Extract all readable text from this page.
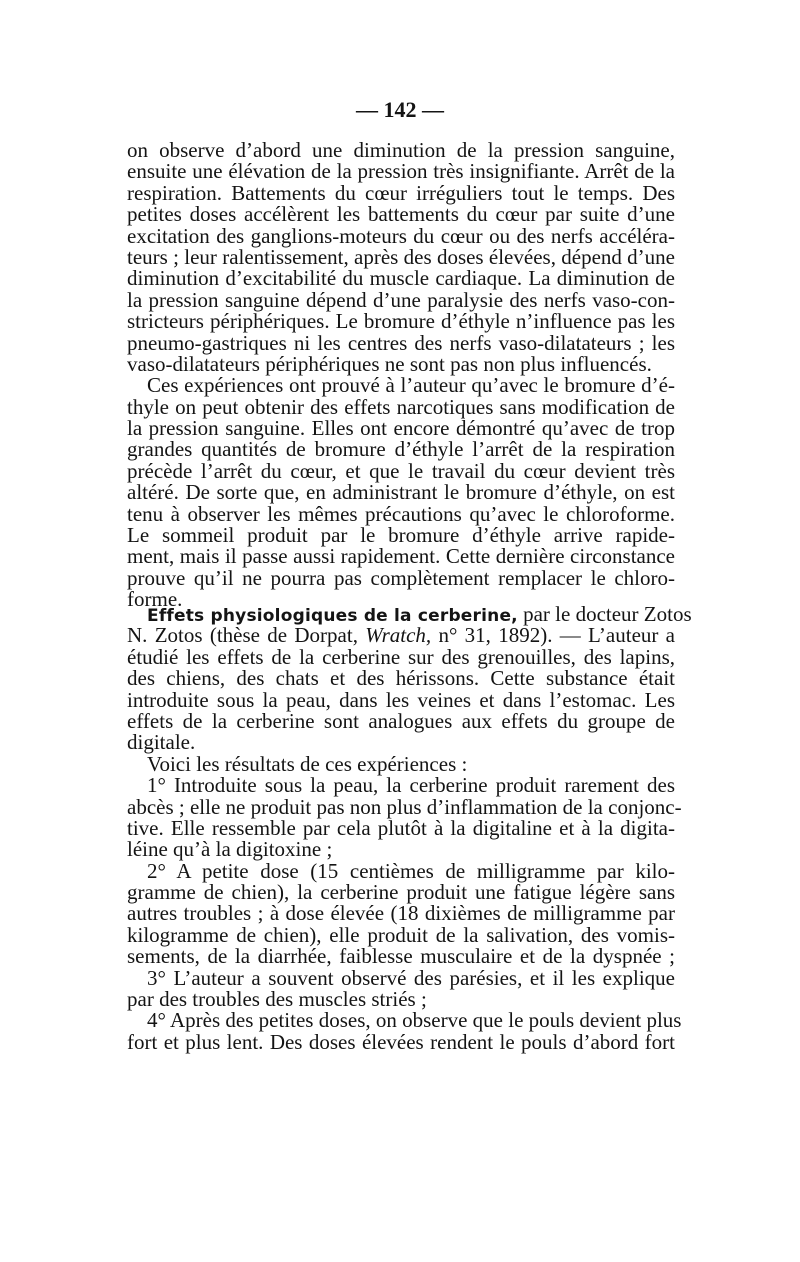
— 142 —
on observe d’abord une diminution de la pression sanguine,
ensuite une élévation de la pression très insignifiante. Arrêt de la
respiration. Battements du cœur irréguliers tout le temps. Des
petites doses accélèrent les battements du cœur par suite d’une
excitation des ganglions-moteurs du cœur ou des nerfs accéléra-
teurs ; leur ralentissement, après des doses élevées, dépend d’une
diminution d’excitabilité du muscle cardiaque. La diminution de
la pression sanguine dépend d’une paralysie des nerfs vaso-con-
stricteurs périphériques. Le bromure d’éthyle n’influence pas les
pneumo-gastriques ni les centres des nerfs vaso-dilatateurs ; les
vaso-dilatateurs périphériques ne sont pas non plus influencés.
Ces expériences ont prouvé à l’auteur qu’avec le bromure d’é-
thyle on peut obtenir des effets narcotiques sans modification de
la pression sanguine. Elles ont encore démontré qu’avec de trop
grandes quantités de bromure d’éthyle l’arrêt de la respiration
précède l’arrêt du cœur, et que le travail du cœur devient très
altéré. De sorte que, en administrant le bromure d’éthyle, on est
tenu à observer les mêmes précautions qu’avec le chloroforme.
Le sommeil produit par le bromure d’éthyle arrive rapide-
ment, mais il passe aussi rapidement. Cette dernière circonstance
prouve qu’il ne pourra pas complètement remplacer le chloro-
forme.
Effets physiologiques de la cerberine, par le docteur Zotos
N. Zotos (thèse de Dorpat, Wratch, n° 31, 1892). — L’auteur a
étudié les effets de la cerberine sur des grenouilles, des lapins,
des chiens, des chats et des hérissons. Cette substance était
introduite sous la peau, dans les veines et dans l’estomac. Les
effets de la cerberine sont analogues aux effets du groupe de
digitale.
Voici les résultats de ces expériences :
1° Introduite sous la peau, la cerberine produit rarement des
abcès ; elle ne produit pas non plus d’inflammation de la conjonc-
tive. Elle ressemble par cela plutôt à la digitaline et à la digita-
léine qu’à la digitoxine ;
2° A petite dose (15 centièmes de milligramme par kilo-
gramme de chien), la cerberine produit une fatigue légère sans
autres troubles ; à dose élevée (18 dixièmes de milligramme par
kilogramme de chien), elle produit de la salivation, des vomis-
sements, de la diarrhée, faiblesse musculaire et de la dyspnée ;
3° L’auteur a souvent observé des parésies, et il les explique
par des troubles des muscles striés ;
4° Après des petites doses, on observe que le pouls devient plus
fort et plus lent. Des doses élevées rendent le pouls d’abord fort
